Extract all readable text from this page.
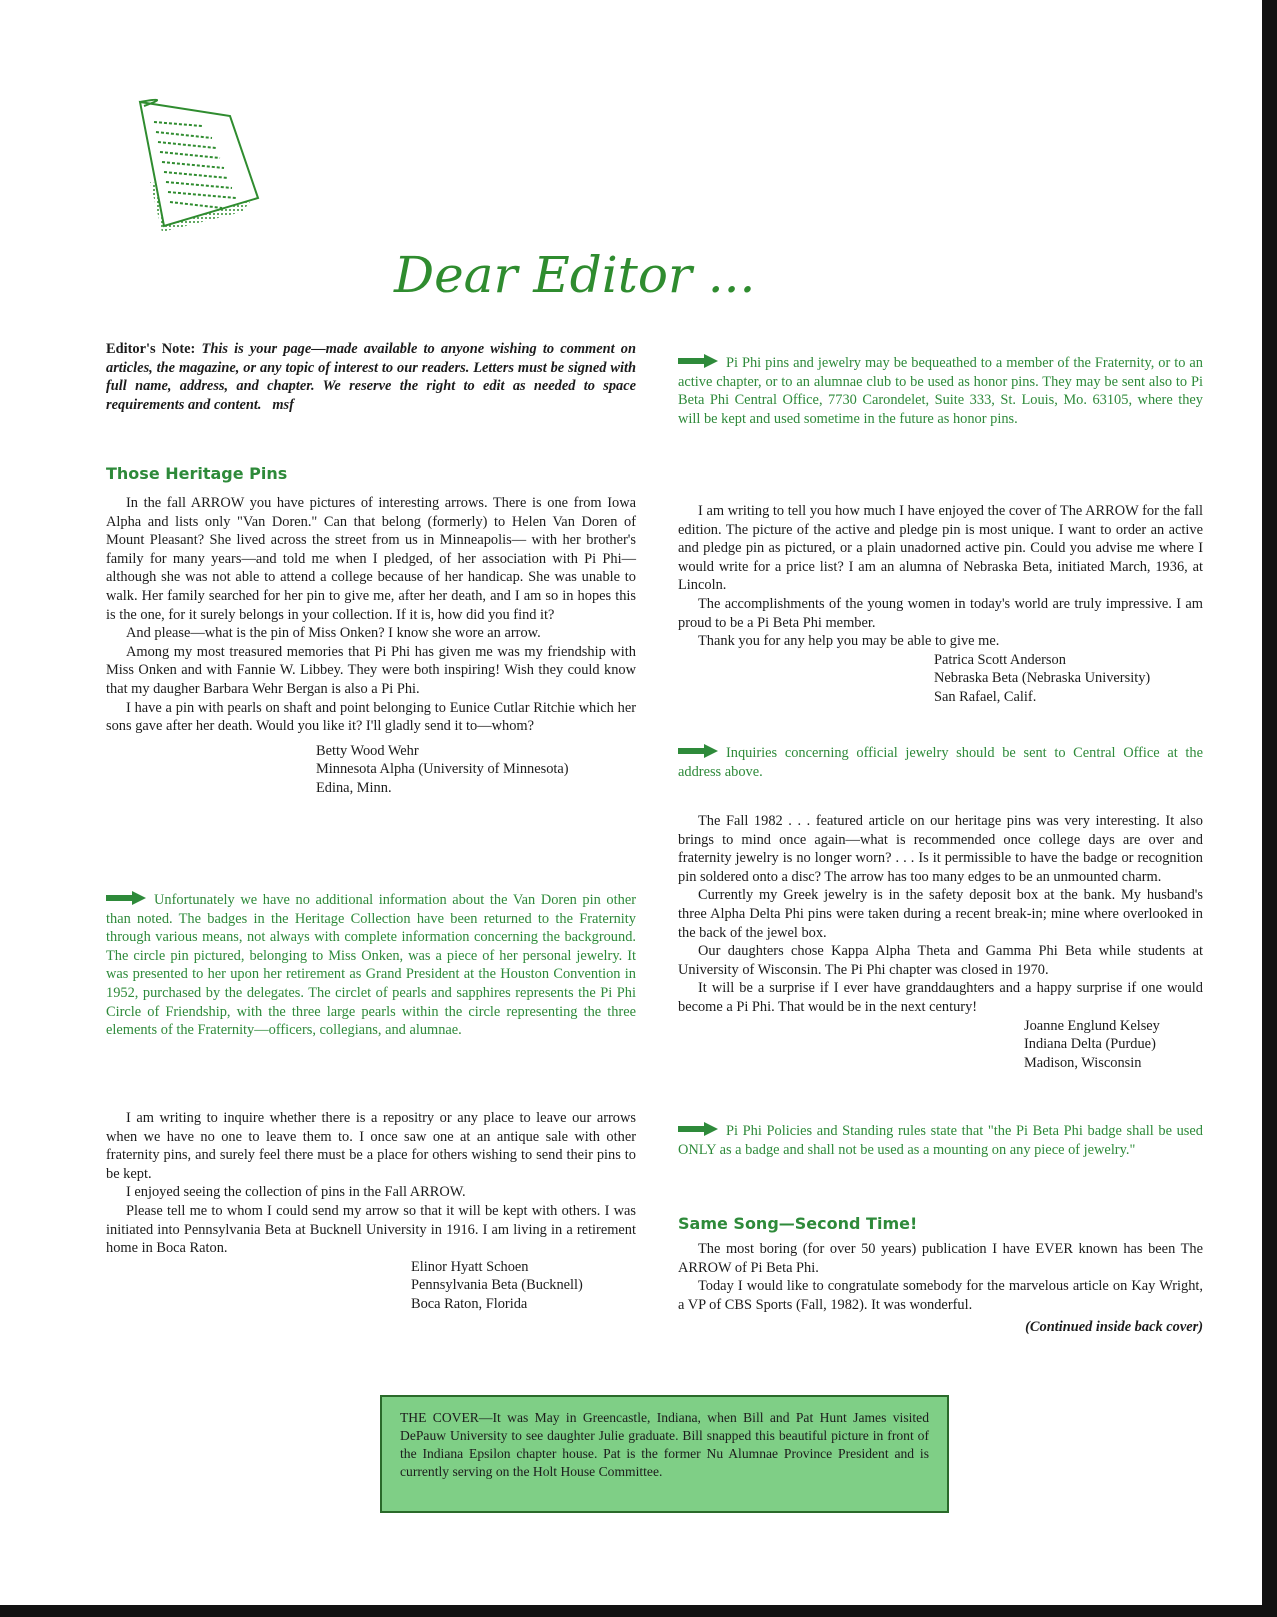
Dear Editor ...

Editor's Note: This is your page—made available to anyone wishing to comment on articles, the magazine, or any topic of interest to our readers. Letters must be signed with full name, address, and chapter. We reserve the right to edit as needed to space requirements and content. msf

Those Heritage Pins

In the fall ARROW you have pictures of interesting arrows. There is one from Iowa Alpha and lists only "Van Doren." Can that belong (formerly) to Helen Van Doren of Mount Pleasant? She lived across the street from us in Minneapolis— with her brother's family for many years—and told me when I pledged, of her association with Pi Phi—although she was not able to attend a college because of her handicap. She was unable to walk. Her family searched for her pin to give me, after her death, and I am so in hopes this is the one, for it surely belongs in your collection. If it is, how did you find it?

And please—what is the pin of Miss Onken? I know she wore an arrow.

Among my most treasured memories that Pi Phi has given me was my friendship with Miss Onken and with Fannie W. Libbey. They were both inspiring! Wish they could know that my daugher Barbara Wehr Bergan is also a Pi Phi.

I have a pin with pearls on shaft and point belonging to Eunice Cutlar Ritchie which her sons gave after her death. Would you like it? I'll gladly send it to—whom?

Betty Wood Wehr
Minnesota Alpha (University of Minnesota)
Edina, Minn.

Unfortunately we have no additional information about the Van Doren pin other than noted. The badges in the Heritage Collection have been returned to the Fraternity through various means, not always with complete information concerning the background. The circle pin pictured, belonging to Miss Onken, was a piece of her personal jewelry. It was presented to her upon her retirement as Grand President at the Houston Convention in 1952, purchased by the delegates. The circlet of pearls and sapphires represents the Pi Phi Circle of Friendship, with the three large pearls within the circle representing the three elements of the Fraternity—officers, collegians, and alumnae.

I am writing to inquire whether there is a repositry or any place to leave our arrows when we have no one to leave them to. I once saw one at an antique sale with other fraternity pins, and surely feel there must be a place for others wishing to send their pins to be kept.

I enjoyed seeing the collection of pins in the Fall ARROW.

Please tell me to whom I could send my arrow so that it will be kept with others. I was initiated into Pennsylvania Beta at Bucknell University in 1916. I am living in a retirement home in Boca Raton.

Elinor Hyatt Schoen
Pennsylvania Beta (Bucknell)
Boca Raton, Florida

Pi Phi pins and jewelry may be bequeathed to a member of the Fraternity, or to an active chapter, or to an alumnae club to be used as honor pins. They may be sent also to Pi Beta Phi Central Office, 7730 Carondelet, Suite 333, St. Louis, Mo. 63105, where they will be kept and used sometime in the future as honor pins.

I am writing to tell you how much I have enjoyed the cover of The ARROW for the fall edition. The picture of the active and pledge pin is most unique. I want to order an active and pledge pin as pictured, or a plain unadorned active pin. Could you advise me where I would write for a price list? I am an alumna of Nebraska Beta, initiated March, 1936, at Lincoln.

The accomplishments of the young women in today's world are truly impressive. I am proud to be a Pi Beta Phi member.

Thank you for any help you may be able to give me.

Patrica Scott Anderson
Nebraska Beta (Nebraska University)
San Rafael, Calif.

Inquiries concerning official jewelry should be sent to Central Office at the address above.

The Fall 1982 . . . featured article on our heritage pins was very interesting. It also brings to mind once again—what is recommended once college days are over and fraternity jewelry is no longer worn? . . . Is it permissible to have the badge or recognition pin soldered onto a disc? The arrow has too many edges to be an unmounted charm.

Currently my Greek jewelry is in the safety deposit box at the bank. My husband's three Alpha Delta Phi pins were taken during a recent break-in; mine where overlooked in the back of the jewel box.

Our daughters chose Kappa Alpha Theta and Gamma Phi Beta while students at University of Wisconsin. The Pi Phi chapter was closed in 1970.

It will be a surprise if I ever have granddaughters and a happy surprise if one would become a Pi Phi. That would be in the next century!

Joanne Englund Kelsey
Indiana Delta (Purdue)
Madison, Wisconsin

Pi Phi Policies and Standing rules state that "the Pi Beta Phi badge shall be used ONLY as a badge and shall not be used as a mounting on any piece of jewelry."

Same Song—Second Time!

The most boring (for over 50 years) publication I have EVER known has been The ARROW of Pi Beta Phi.

Today I would like to congratulate somebody for the marvelous article on Kay Wright, a VP of CBS Sports (Fall, 1982). It was wonderful.

(Continued inside back cover)

THE COVER—It was May in Greencastle, Indiana, when Bill and Pat Hunt James visited DePauw University to see daughter Julie graduate. Bill snapped this beautiful picture in front of the Indiana Epsilon chapter house. Pat is the former Nu Alumnae Province President and is currently serving on the Holt House Committee.
